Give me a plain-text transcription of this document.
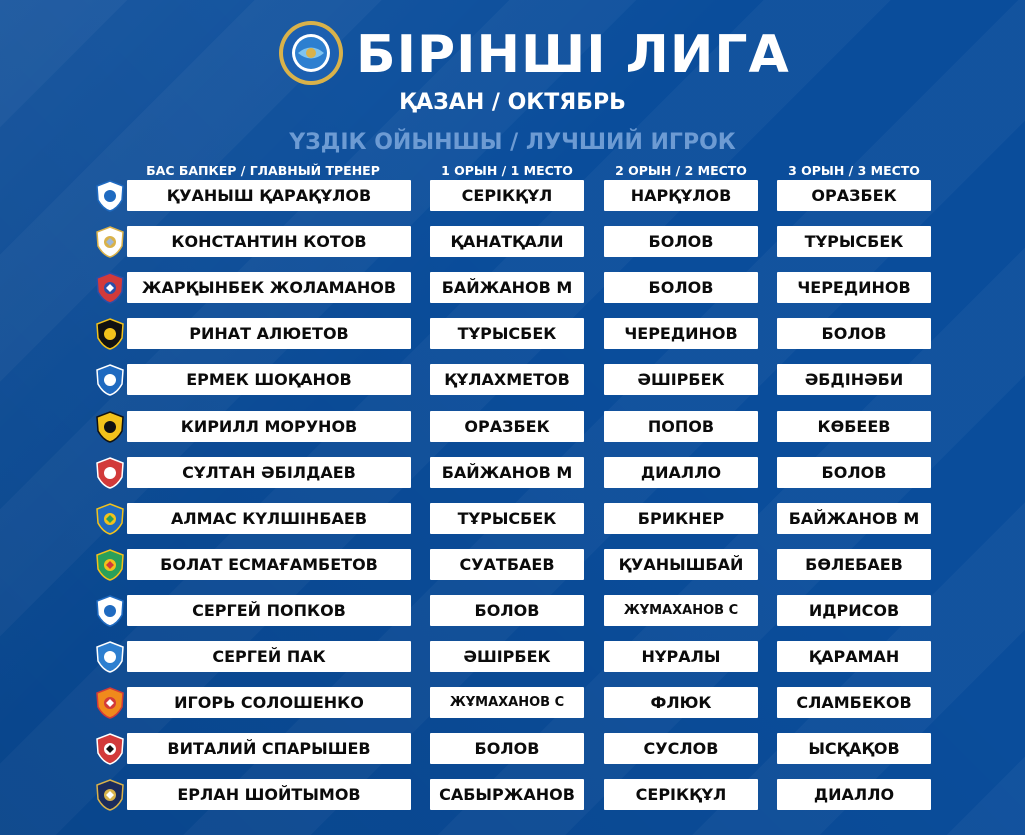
БІРІНШІ ЛИГА
ҚАЗАН / ОКТЯБРЬ
ҮЗДІК ОЙЫНШЫ / ЛУЧШИЙ ИГРОК
БАС БАПКЕР / ГЛАВНЫЙ ТРЕНЕР	1 ОРЫН / 1 МЕСТО	2 ОРЫН / 2 МЕСТО	3 ОРЫН / 3 МЕСТО
ҚУАНЫШ ҚАРАҚҰЛОВ	СЕРІКҚҰЛ	НАРҚҰЛОВ	ОРАЗБЕК
КОНСТАНТИН КОТОВ	ҚАНАТҚАЛИ	БОЛОВ	ТҰРЫСБЕК
ЖАРҚЫНБЕК ЖОЛАМАНОВ	БАЙЖАНОВ М	БОЛОВ	ЧЕРЕДИНОВ
РИНАТ АЛЮЕТОВ	ТҰРЫСБЕК	ЧЕРЕДИНОВ	БОЛОВ
ЕРМЕК ШОҚАНОВ	ҚҰЛАХМЕТОВ	ӘШІРБЕК	ӘБДІНӘБИ
КИРИЛЛ МОРУНОВ	ОРАЗБЕК	ПОПОВ	КӨБЕЕВ
СҰЛТАН ӘБІЛДАЕВ	БАЙЖАНОВ М	ДИАЛЛО	БОЛОВ
АЛМАС КҮЛШІНБАЕВ	ТҰРЫСБЕК	БРИКНЕР	БАЙЖАНОВ М
БОЛАТ ЕСМАҒАМБЕТОВ	СУАТБАЕВ	ҚУАНЫШБАЙ	БӨЛЕБАЕВ
СЕРГЕЙ ПОПКОВ	БОЛОВ	ЖҰМАХАНОВ С	ИДРИСОВ
СЕРГЕЙ ПАК	ӘШІРБЕК	НҰРАЛЫ	ҚАРАМАН
ИГОРЬ СОЛОШЕНКО	ЖҰМАХАНОВ С	ФЛЮК	СЛАМБЕКОВ
ВИТАЛИЙ СПАРЫШЕВ	БОЛОВ	СУСЛОВ	ЫСҚАҚОВ
ЕРЛАН ШОЙТЫМОВ	САБЫРЖАНОВ	СЕРІКҚҰЛ	ДИАЛЛО
